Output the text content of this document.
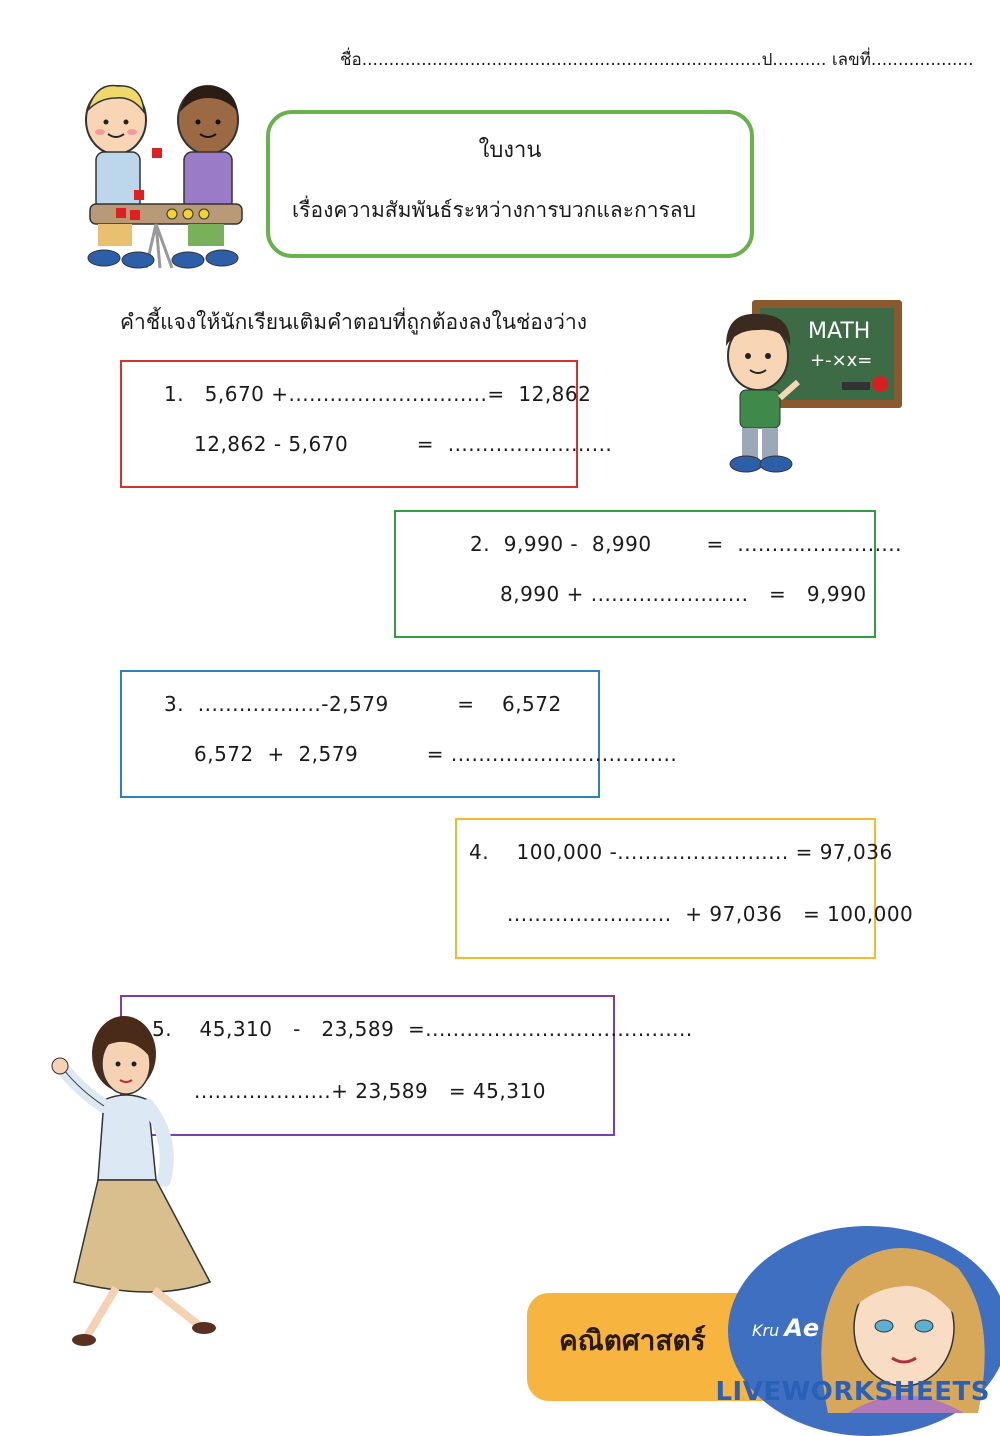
ชื่อ..........................................................................ป.......... เลขที่...................
ใบงาน
เรื่องความสัมพันธ์ระหว่างการบวกและการลบ
คำชี้แจงให้นักเรียนเติมคำตอบที่ถูกต้องลงในช่องว่าง	MATH
+-×x=
1.   5,670 +.............................=  12,862
12,862 - 5,670          =  ........................
2.  9,990 -  8,990        =  ........................
8,990 + .......................   =   9,990
3.  ..................-2,579          =    6,572
6,572  +  2,579          = .................................
4.    100,000 -......................... = 97,036
........................  + 97,036   = 100,000
5.    45,310   -   23,589  =.......................................
....................+ 23,589   = 45,310
คณิตศาสตร์	Kru Ae
LIVEWORKSHEETS
